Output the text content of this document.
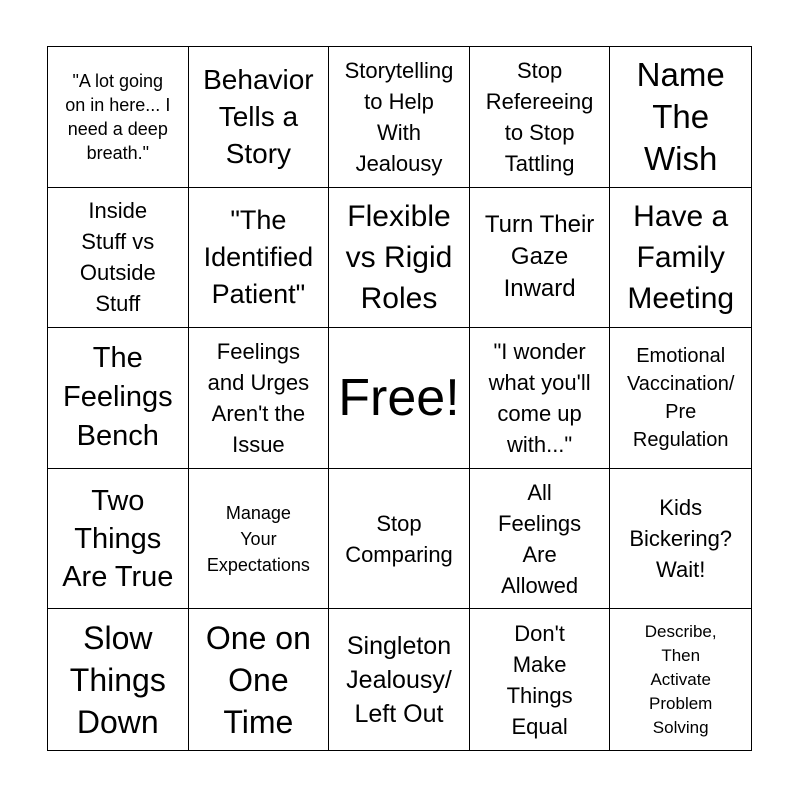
"A lot going
on in here... I
need a deep
breath."
Behavior
Tells a
Story
Storytelling
to Help
With
Jealousy
Stop
Refereeing
to Stop
Tattling
Name
The
Wish
Inside
Stuff vs
Outside
Stuff
"The
Identified
Patient"
Flexible
vs Rigid
Roles
Turn Their
Gaze
Inward
Have a
Family
Meeting
The
Feelings
Bench
Feelings
and Urges
Aren't the
Issue
Free!
"I wonder
what you'll
come up
with..."
Emotional
Vaccination/
Pre
Regulation
Two
Things
Are True
Manage
Your
Expectations
Stop
Comparing
All
Feelings
Are
Allowed
Kids
Bickering?
Wait!
Slow
Things
Down
One on
One
Time
Singleton
Jealousy/
Left Out
Don't
Make
Things
Equal
Describe,
Then
Activate
Problem
Solving
